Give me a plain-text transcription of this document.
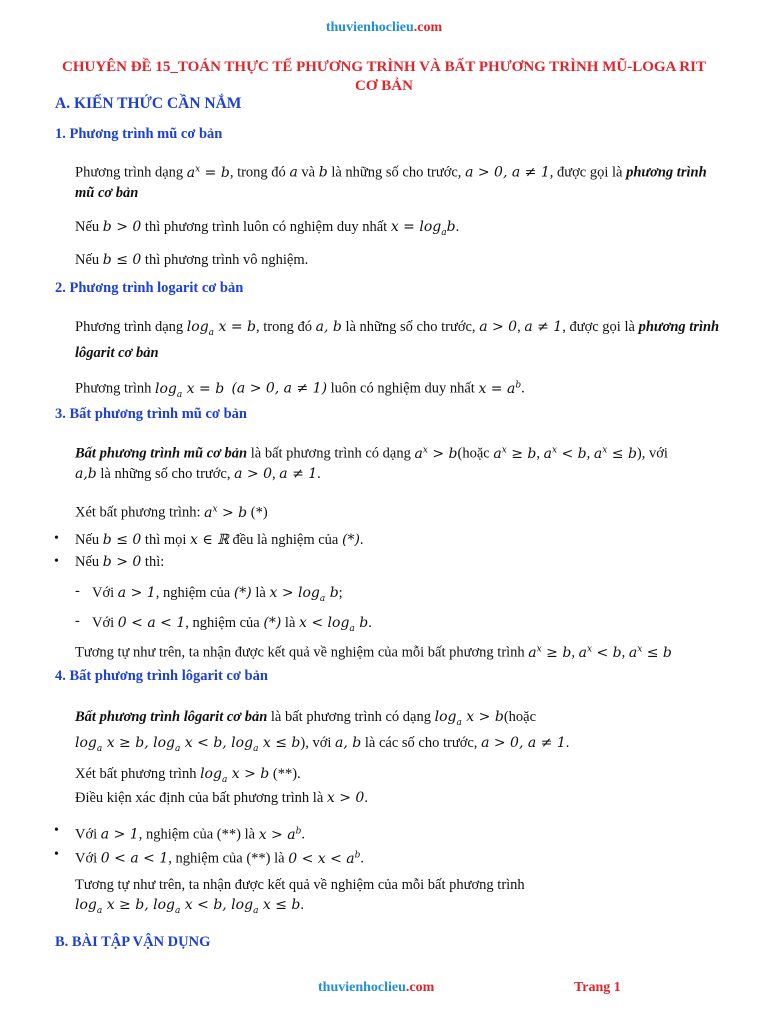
thuvienhoclieu.com
CHUYÊN ĐỀ 15_TOÁN THỰC TẾ PHƯƠNG TRÌNH VÀ BẤT PHƯƠNG TRÌNH MŨ-LOGA RIT CƠ BẢN
A. KIẾN THỨC CẦN NẮM
1. Phương trình mũ cơ bản
Phương trình dạng $a^x = b$, trong đó a và b là những số cho trước, a > 0, a ≠ 1, được gọi là phương trình mũ cơ bản
Nếu b > 0 thì phương trình luôn có nghiệm duy nhất $x = \log_ab$.
Nếu b ≤ 0 thì phương trình vô nghiệm.
2. Phương trình logarit cơ bản
Phương trình dạng $\log_a x = b$, trong đó a, b là những số cho trước, a > 0, a ≠ 1, được gọi là phương trình lôgarit cơ bản
Phương trình $\log_a x = b$ (a > 0, a ≠ 1) luôn có nghiệm duy nhất $x = a^b$.
3. Bất phương trình mũ cơ bản
Bất phương trình mũ cơ bản là bất phương trình có dạng $a^x$ > b(hoặc $a^x \ge b$, $a^x < b$, $a^x \le b$), với
a,b là những số cho trước, a > 0, a ≠ 1.
Xét bất phương trình: $a^x > b$ (*)
• Nếu b ≤ 0 thì mọi x ∈ ℝ đều là nghiệm của (*).
• Nếu b > 0 thì:
- Với a > 1, nghiệm của (*) là $x > \log_a b$;
- Với 0 < a < 1, nghiệm của (*) là $x < \log_a b$.
Tương tự như trên, ta nhận được kết quả về nghiệm của mỗi bất phương trình $a^x \ge b$, $a^x < b$, $a^x \le b$
4. Bất phương trình lôgarit cơ bản
Bất phương trình lôgarit cơ bản là bất phương trình có dạng $\log_a x$ > b(hoặc
$\log_a x \ge b$, $\log_a x < b$, $\log_a x \le b$), với a, b là các số cho trước, a > 0, a ≠ 1.
Xét bất phương trình $\log_a x > b$ (**).
Điều kiện xác định của bất phương trình là x > 0.
• Với a > 1, nghiệm của (**) là $x > a^b$.
• Với 0 < a < 1, nghiệm của (**) là $0 < x < a^b$.
Tương tự như trên, ta nhận được kết quả về nghiệm của mỗi bất phương trình
$\log_a x \ge b$, $\log_a x < b$, $\log_a x \le b$.
B. BÀI TẬP VẬN DỤNG
thuvienhoclieu.com	Trang 1
